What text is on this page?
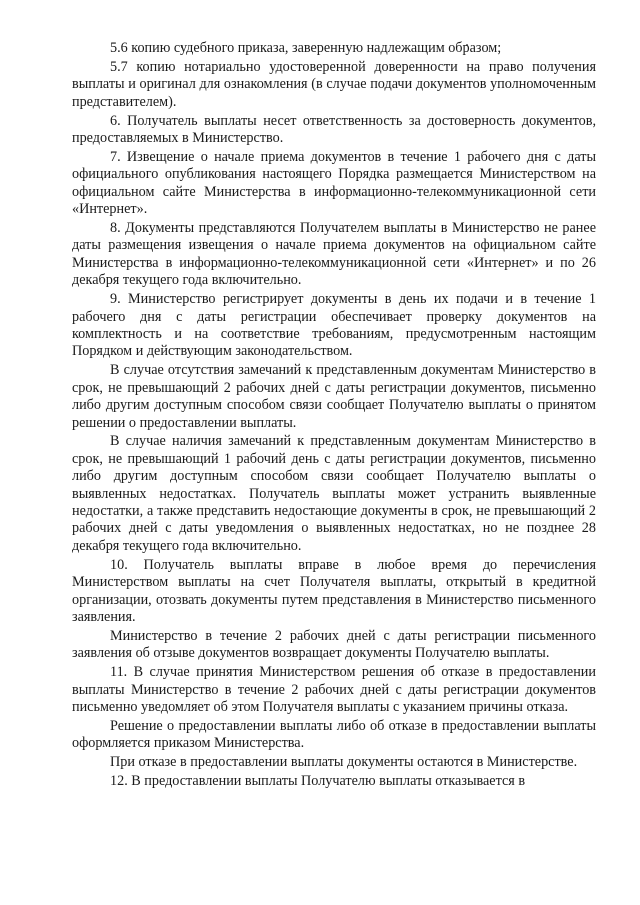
5.6 копию судебного приказа, заверенную надлежащим образом;

5.7 копию нотариально удостоверенной доверенности на право получения выплаты и оригинал для ознакомления (в случае подачи документов уполномоченным представителем).

6. Получатель выплаты несет ответственность за достоверность документов, предоставляемых в Министерство.

7. Извещение о начале приема документов в течение 1 рабочего дня с даты официального опубликования настоящего Порядка размещается Министерством на официальном сайте Министерства в информационно-телекоммуникационной сети «Интернет».

8. Документы представляются Получателем выплаты в Министерство не ранее даты размещения извещения о начале приема документов на официальном сайте Министерства в информационно-телекоммуникационной сети «Интернет» и по 26 декабря текущего года включительно.

9. Министерство регистрирует документы в день их подачи и в течение 1 рабочего дня с даты регистрации обеспечивает проверку документов на комплектность и на соответствие требованиям, предусмотренным настоящим Порядком и действующим законодательством.

В случае отсутствия замечаний к представленным документам Министерство в срок, не превышающий 2 рабочих дней с даты регистрации документов, письменно либо другим доступным способом связи сообщает Получателю выплаты о принятом решении о предоставлении выплаты.

В случае наличия замечаний к представленным документам Министерство в срок, не превышающий 1 рабочий день с даты регистрации документов, письменно либо другим доступным способом связи сообщает Получателю выплаты о выявленных недостатках. Получатель выплаты может устранить выявленные недостатки, а также представить недостающие документы в срок, не превышающий 2 рабочих дней с даты уведомления о выявленных недостатках, но не позднее 28 декабря текущего года включительно.

10. Получатель выплаты вправе в любое время до перечисления Министерством выплаты на счет Получателя выплаты, открытый в кредитной организации, отозвать документы путем представления в Министерство письменного заявления.

Министерство в течение 2 рабочих дней с даты регистрации письменного заявления об отзыве документов возвращает документы Получателю выплаты.

11. В случае принятия Министерством решения об отказе в предоставлении выплаты Министерство в течение 2 рабочих дней с даты регистрации документов письменно уведомляет об этом Получателя выплаты с указанием причины отказа.

Решение о предоставлении выплаты либо об отказе в предоставлении выплаты оформляется приказом Министерства.

При отказе в предоставлении выплаты документы остаются в Министерстве.

12. В предоставлении выплаты Получателю выплаты отказывается в
